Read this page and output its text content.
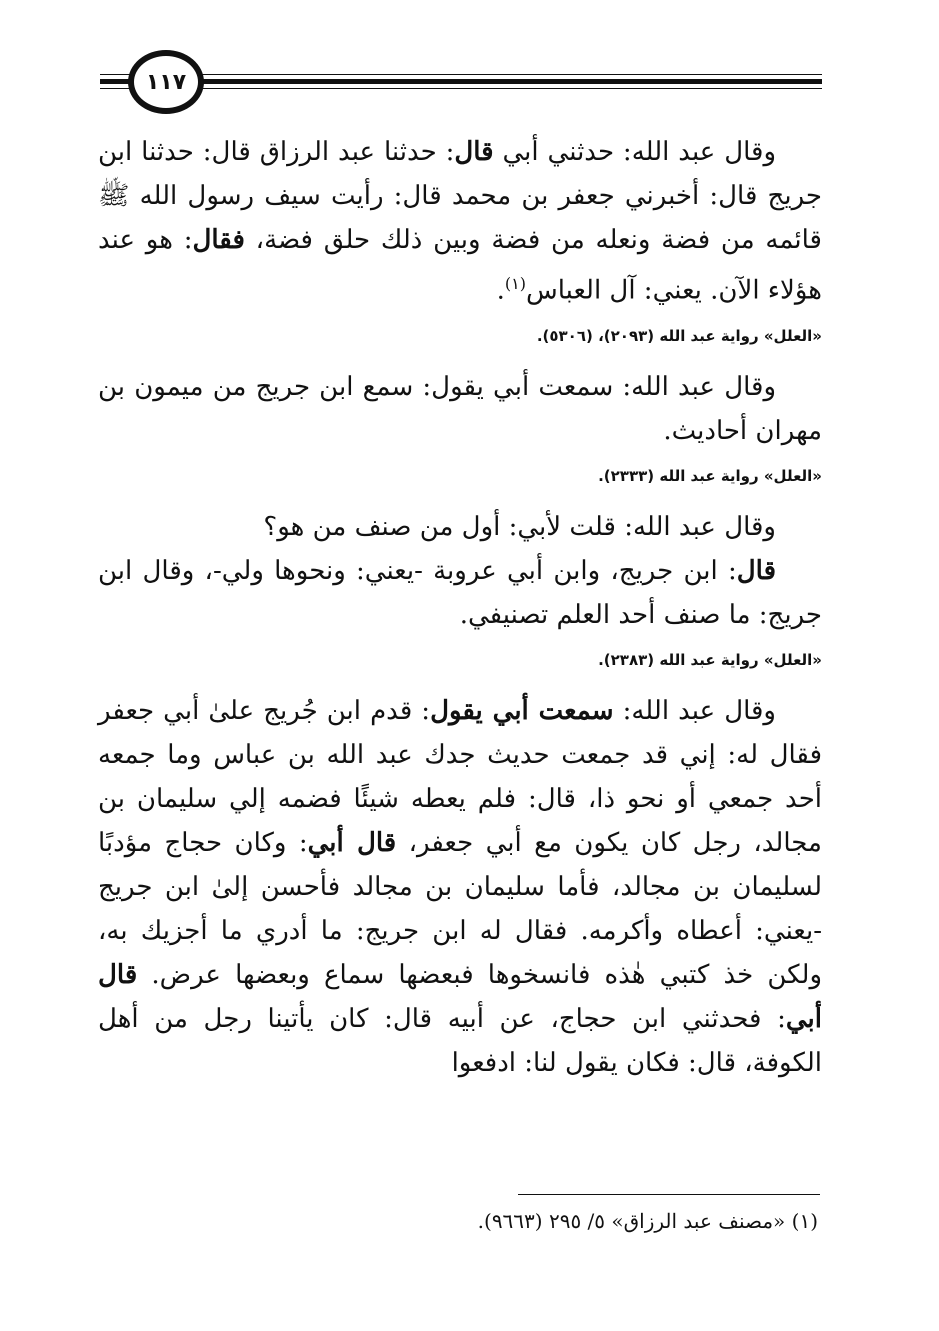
١١٧

وقال عبد الله: حدثني أبي قال: حدثنا عبد الرزاق قال: حدثنا ابن جريج قال: أخبرني جعفر بن محمد قال: رأيت سيف رسول الله ﷺ قائمه من فضة ونعله من فضة وبين ذلك حلق فضة، فقال: هو عند هؤلاء الآن. يعني: آل العباس$^{(١)}$.

«العلل» رواية عبد الله (٢٠٩٣)، (٥٣٠٦).

وقال عبد الله: سمعت أبي يقول: سمع ابن جريج من ميمون بن مهران أحاديث.

«العلل» رواية عبد الله (٢٣٣٣).

وقال عبد الله: قلت لأبي: أول من صنف من هو؟

قال: ابن جريج، وابن أبي عروبة -يعني: ونحوها ولي-، وقال ابن جريج: ما صنف أحد العلم تصنيفي.

«العلل» رواية عبد الله (٢٣٨٣).

وقال عبد الله: سمعت أبي يقول: قدم ابن جُريج علىٰ أبي جعفر فقال له: إني قد جمعت حديث جدك عبد الله بن عباس وما جمعه أحد جمعي أو نحو ذا، قال: فلم يعطه شيئًا فضمه إلي سليمان بن مجالد، رجل كان يكون مع أبي جعفر، قال أبي: وكان حجاج مؤدبًا لسليمان بن مجالد، فأما سليمان بن مجالد فأحسن إلىٰ ابن جريج -يعني: أعطاه وأكرمه. فقال له ابن جريج: ما أدري ما أجزيك به، ولكن خذ كتبي هٰذه فانسخوها فبعضها سماع وبعضها عرض. قال أبي: فحدثني ابن حجاج، عن أبيه قال: كان يأتينا رجل من أهل الكوفة، قال: فكان يقول لنا: ادفعوا

(١) «مصنف عبد الرزاق» ٥/ ٢٩٥ (٩٦٦٣).
